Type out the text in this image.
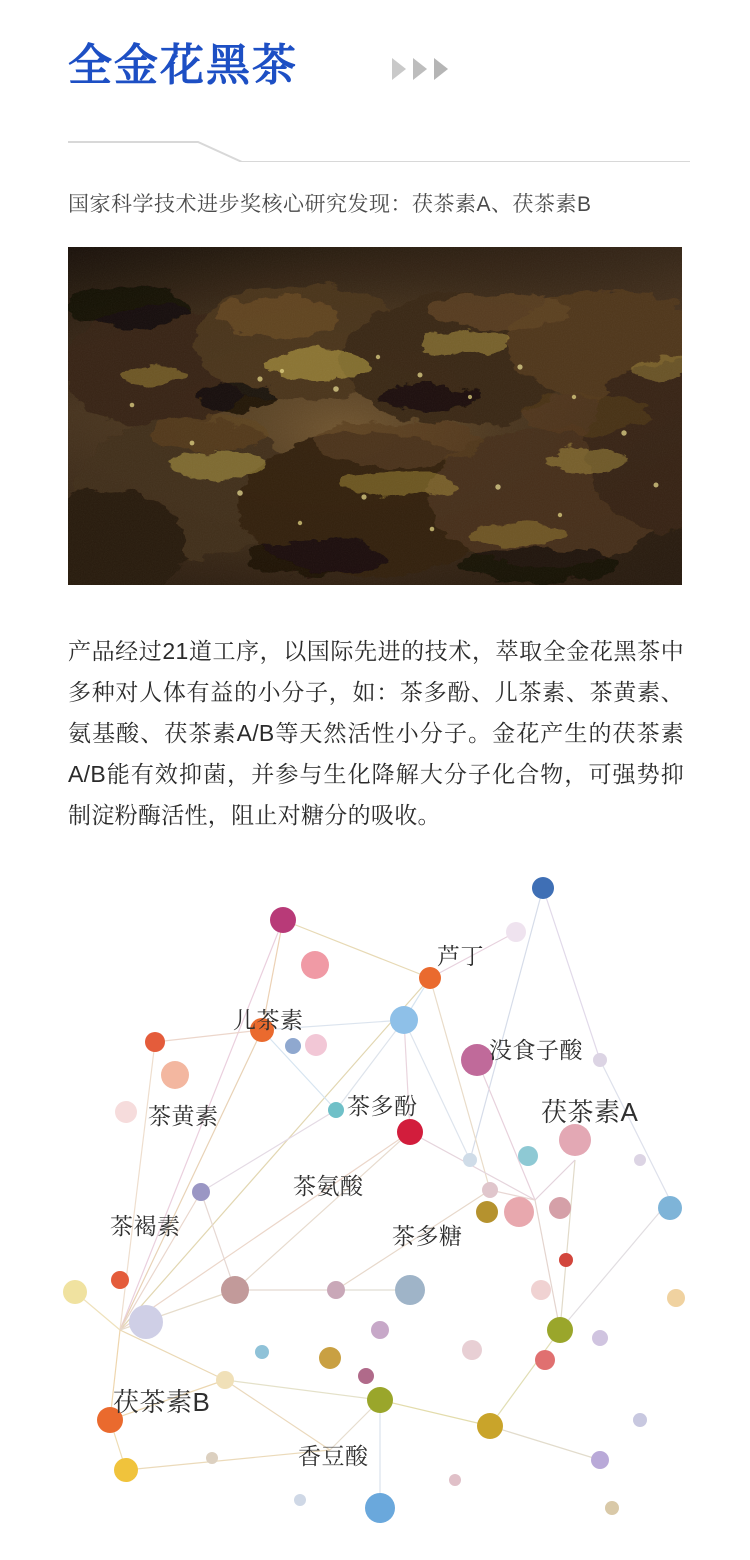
全金花黑茶
国家科学技术进步奖核心研究发现：茯茶素A、茯茶素B

产品经过21道工序，以国际先进的技术，萃取全金花黑茶中多种对人体有益的小分子，如：茶多酚、儿茶素、茶黄素、氨基酸、茯茶素A/B等天然活性小分子。金花产生的茯茶素A/B能有效抑菌，并参与生化降解大分子化合物，可强势抑制淀粉酶活性，阻止对糖分的吸收。

芦丁
儿茶素
没食子酸
茶多酚	茯茶素A
茶黄素
茶氨酸
茶多糖
茶褐素
茯茶素B
香豆酸
